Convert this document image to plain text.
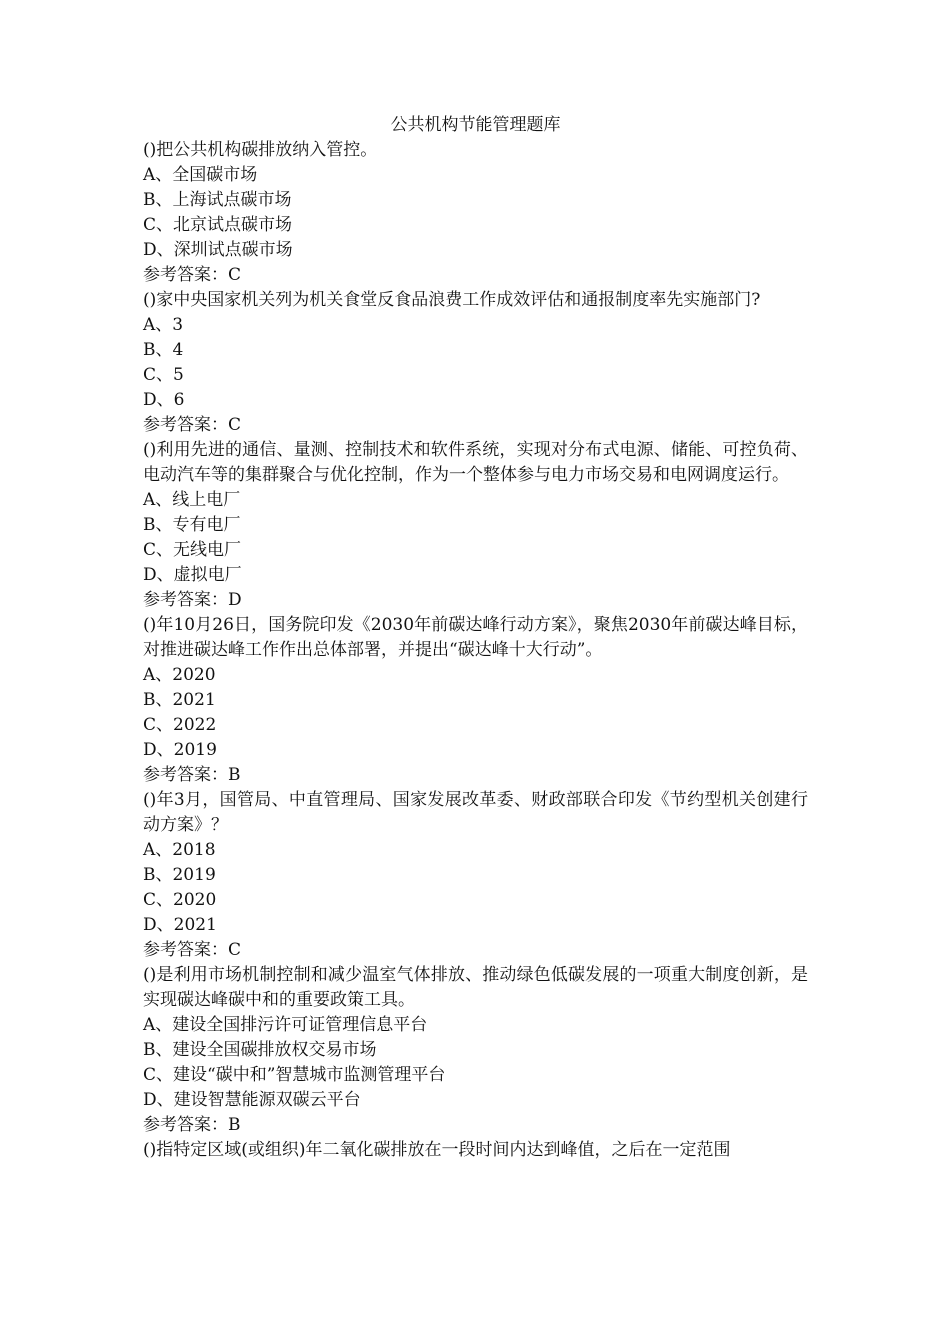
公共机构节能管理题库
()把公共机构碳排放纳入管控。
A、全国碳市场
B、上海试点碳市场
C、北京试点碳市场
D、深圳试点碳市场
参考答案：C
()家中央国家机关列为机关食堂反食品浪费工作成效评估和通报制度率先实施部门?
A、3
B、4
C、5
D、6
参考答案：C
()利用先进的通信、量测、控制技术和软件系统，实现对分布式电源、储能、可控负荷、电动汽车等的集群聚合与优化控制，作为一个整体参与电力市场交易和电网调度运行。
A、线上电厂
B、专有电厂
C、无线电厂
D、虚拟电厂
参考答案：D
()年10月26日，国务院印发《2030年前碳达峰行动方案》，聚焦2030年前碳达峰目标，对推进碳达峰工作作出总体部署，并提出“碳达峰十大行动”。
A、2020
B、2021
C、2022
D、2019
参考答案：B
()年3月，国管局、中直管理局、国家发展改革委、财政部联合印发《节约型机关创建行动方案》？
A、2018
B、2019
C、2020
D、2021
参考答案：C
()是利用市场机制控制和减少温室气体排放、推动绿色低碳发展的一项重大制度创新，是实现碳达峰碳中和的重要政策工具。
A、建设全国排污许可证管理信息平台
B、建设全国碳排放权交易市场
C、建设“碳中和”智慧城市监测管理平台
D、建设智慧能源双碳云平台
参考答案：B
()指特定区域(或组织)年二氧化碳排放在一段时间内达到峰值，之后在一定范围
